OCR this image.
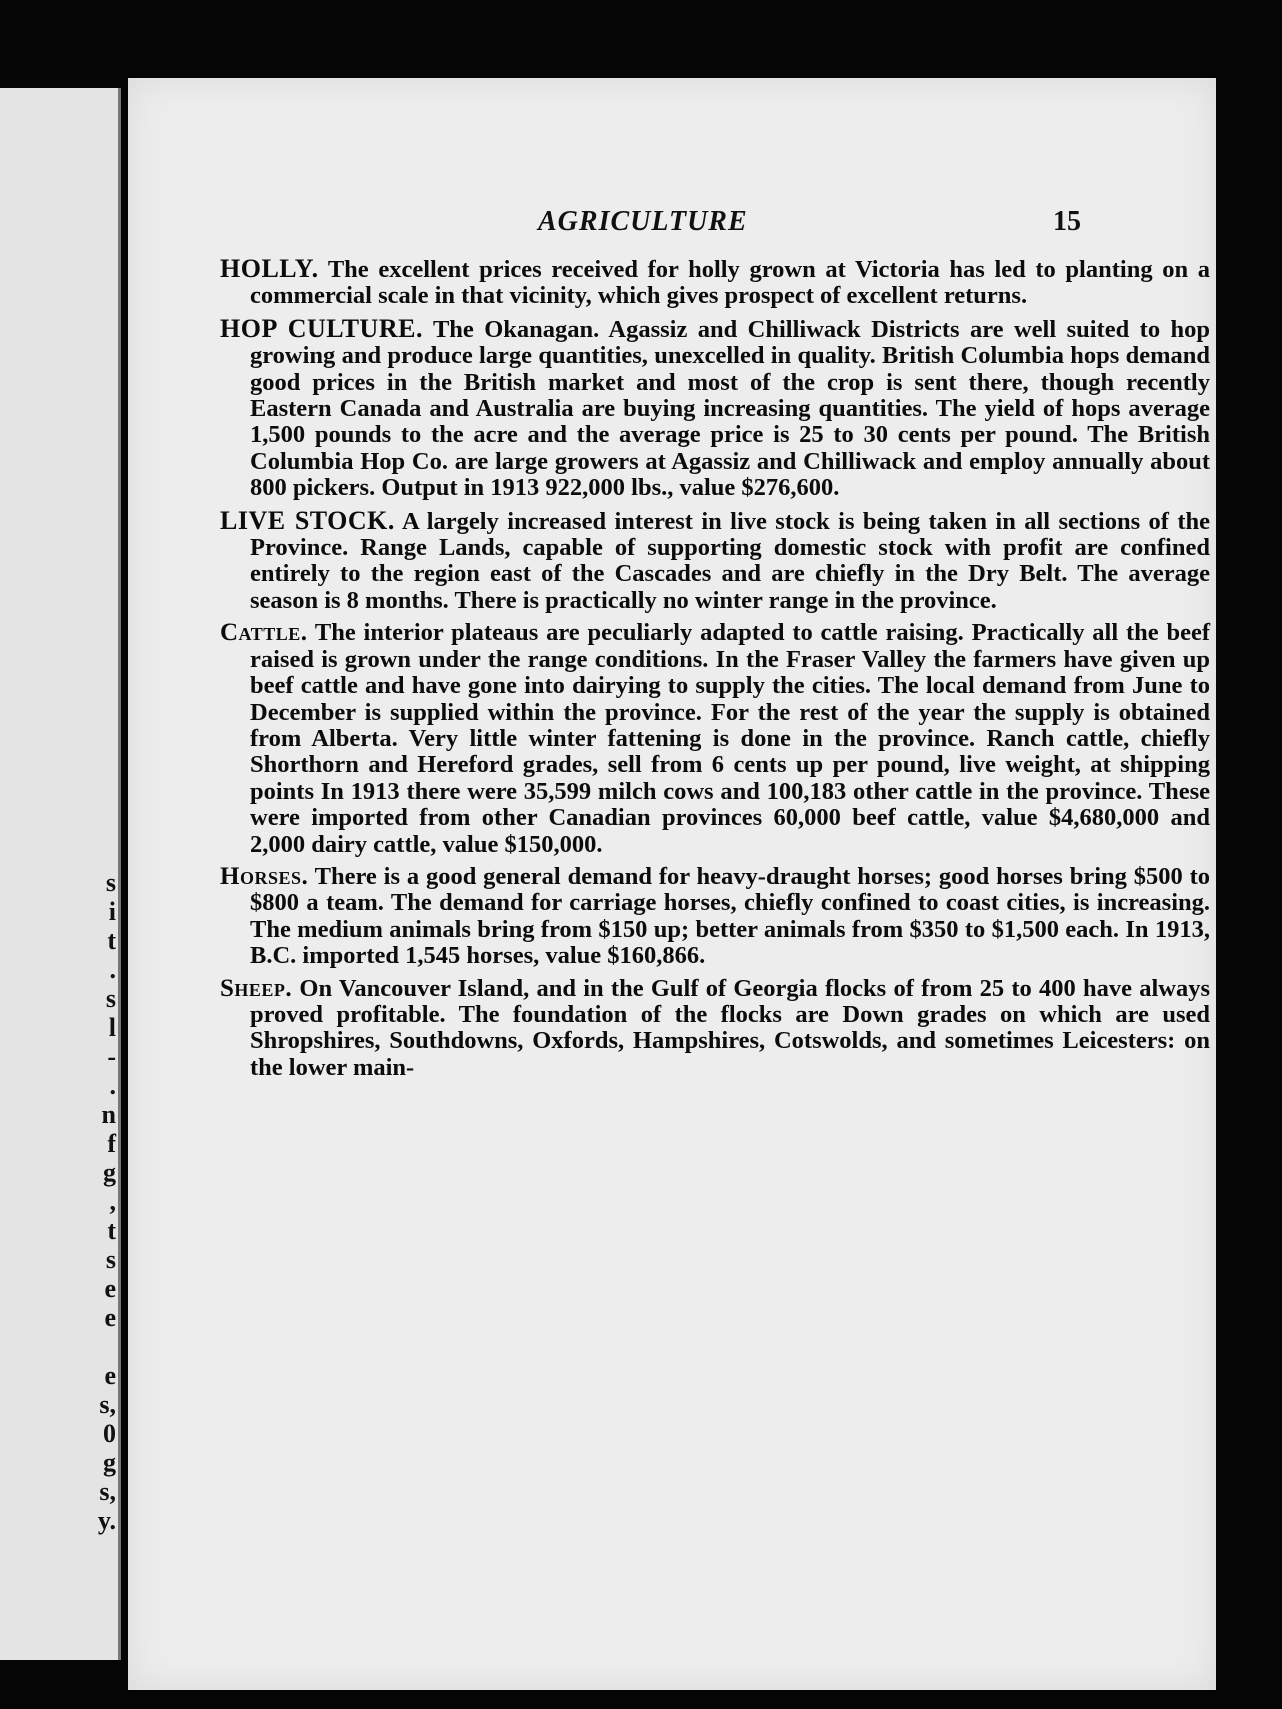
s
i
t
.
s
l
-
.
n
f
g
,
t
s
e
e
e
s,
0
g
s,
y.
AGRICULTURE	15

HOLLY. The excellent prices received for holly grown at Victoria has led to planting on a commercial scale in that vicinity, which gives prospect of excellent returns.

HOP CULTURE. The Okanagan. Agassiz and Chilliwack Districts are well suited to hop growing and produce large quantities, unexcelled in quality. British Columbia hops demand good prices in the British market and most of the crop is sent there, though recently Eastern Canada and Australia are buying increasing quantities. The yield of hops average 1,500 pounds to the acre and the average price is 25 to 30 cents per pound. The British Columbia Hop Co. are large growers at Agassiz and Chilliwack and employ annually about 800 pickers. Output in 1913 922,000 lbs., value $276,600.

LIVE STOCK. A largely increased interest in live stock is being taken in all sections of the Province. Range Lands, capable of supporting domestic stock with profit are confined entirely to the region east of the Cascades and are chiefly in the Dry Belt. The average season is 8 months. There is practically no winter range in the province.

Cattle. The interior plateaus are peculiarly adapted to cattle raising. Practically all the beef raised is grown under the range conditions. In the Fraser Valley the farmers have given up beef cattle and have gone into dairying to supply the cities. The local demand from June to December is supplied within the province. For the rest of the year the supply is obtained from Alberta. Very little winter fattening is done in the province. Ranch cattle, chiefly Shorthorn and Hereford grades, sell from 6 cents up per pound, live weight, at shipping points In 1913 there were 35,599 milch cows and 100,183 other cattle in the province. These were imported from other Canadian provinces 60,000 beef cattle, value $4,680,000 and 2,000 dairy cattle, value $150,000.

Horses. There is a good general demand for heavy-draught horses; good horses bring $500 to $800 a team. The demand for carriage horses, chiefly confined to coast cities, is increasing. The medium animals bring from $150 up; better animals from $350 to $1,500 each. In 1913, B.C. imported 1,545 horses, value $160,866.

Sheep. On Vancouver Island, and in the Gulf of Georgia flocks of from 25 to 400 have always proved profitable. The foundation of the flocks are Down grades on which are used Shropshires, Southdowns, Oxfords, Hampshires, Cotswolds, and sometimes Leicesters: on the lower main-
